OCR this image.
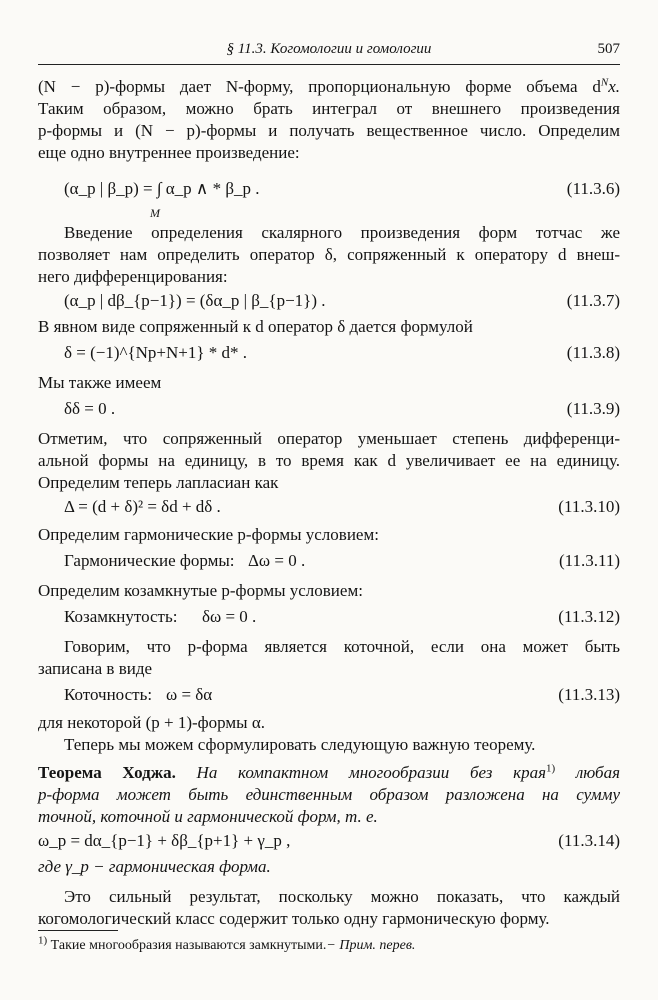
§ 11.3. Когомологии и гомологии	507
(N − p)-формы дает N-форму, пропорциональную форме объема $d^Nx$.
Таким образом, можно брать интеграл от внешнего произведения
p-формы и (N − p)-формы и получать вещественное число. Определим
еще одно внутреннее произведение:
(α_p | β_p) = ∫ α_p ∧ * β_p .
M
(11.3.6)
Введение определения скалярного произведения форм тотчас же
позволяет нам определить оператор δ, сопряженный к оператору d внеш-
него дифференцирования:
(α_p | dβ_{p−1}) = (δα_p | β_{p−1}) .	(11.3.7)
В явном виде сопряженный к d оператор δ дается формулой
δ = (−1)^{Np+N+1} * d* .	(11.3.8)
Мы также имеем
δδ = 0 .	(11.3.9)
Отметим, что сопряженный оператор уменьшает степень дифференци-
альной формы на единицу, в то время как d увеличивает ее на единицу.
Определим теперь лапласиан как
Δ = (d + δ)² = δd + dδ .	(11.3.10)
Определим гармонические p-формы условием:
Гармонические формы: Δω = 0 .	(11.3.11)
Определим козамкнутые p-формы условием:
Козамкнутость: δω = 0 .	(11.3.12)
Говорим, что p-форма является коточной, если она может быть
записана в виде
Коточность: ω = δα	(11.3.13)
для некоторой (p + 1)-формы α.
Теперь мы можем сформулировать следующую важную теорему.
Теорема Ходжа. На компактном многообразии без края$^{1)}$ любая
p-форма может быть единственным образом разложена на сумму
точной, коточной и гармонической форм, т. е.
ω_p = dα_{p−1} + δβ_{p+1} + γ_p ,	(11.3.14)
где γ_p − гармоническая форма.
Это сильный результат, поскольку можно показать, что каждый
когомологический класс содержит только одну гармоническую форму.
$^{1)}$ Такие многообразия называются замкнутыми.− Прим. перев.
